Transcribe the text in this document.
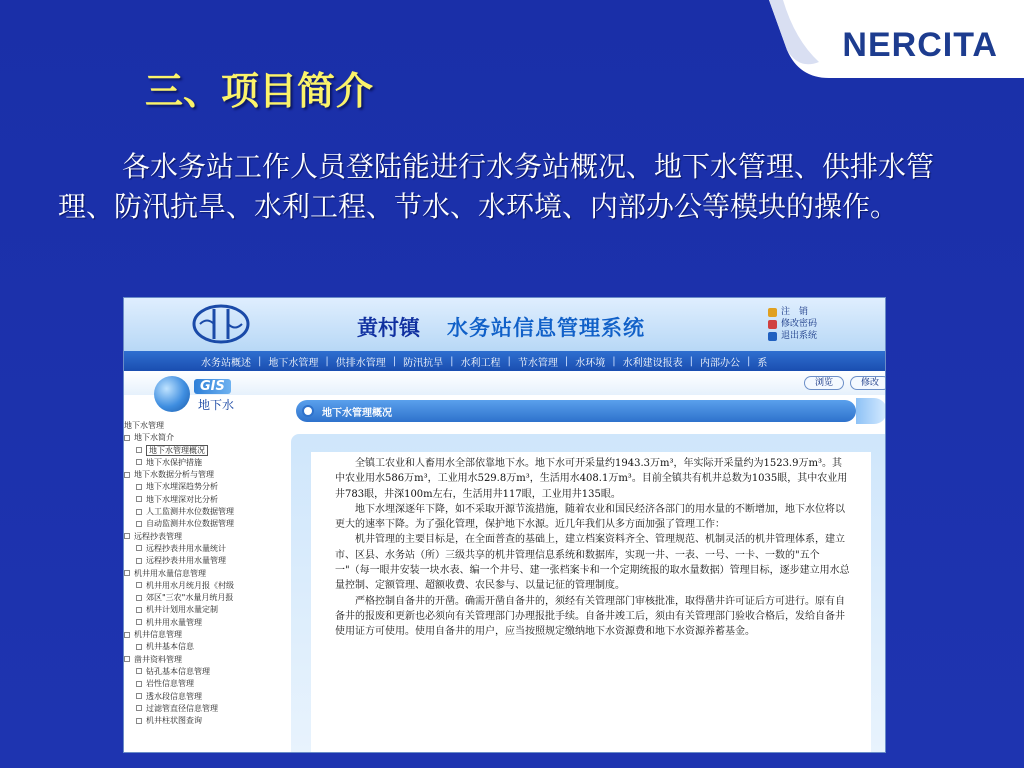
NERCITA
三、项目简介
各水务站工作人员登陆能进行水务站概况、地下水管理、供排水管理、防汛抗旱、水利工程、节水、水环境、内部办公等模块的操作。
黄村镇 水务站信息管理系统
注　销
修改密码
退出系统
水务站概述 | 地下水管理 | 供排水管理 | 防汛抗旱 | 水利工程 | 节水管理 | 水环境 | 水利建设报表 | 内部办公 | 系
浏览	修改
GIS
地下水
地下水管理
地下水简介
地下水管理概况
地下水保护措施
地下水数据分析与管理
地下水埋深趋势分析
地下水埋深对比分析
人工监测井水位数据管理
自动监测井水位数据管理
远程抄表管理
远程抄表井用水量统计
远程抄表井用水量管理
机井用水量信息管理
机井用水月统月报《村级
郊区"三农"水量月统月报
机井计划用水量定制
机井用水量管理
机井信息管理
机井基本信息
凿井资料管理
钻孔基本信息管理
岩性信息管理
透水段信息管理
过滤管直径信息管理
机井柱状图查询
地下水管理概况

全镇工农业和人畜用水全部依靠地下水。地下水可开采量约1943.3万m³，年实际开采量约为1523.9万m³。其中农业用水586万m³，工业用水529.8万m³，生活用水408.1万m³。目前全镇共有机井总数为1035眼，其中农业用井783眼，井深100m左右，生活用井117眼，工业用井135眼。

地下水埋深逐年下降，如不采取开源节流措施，随着农业和国民经济各部门的用水量的不断增加，地下水位将以更大的速率下降。为了强化管理，保护地下水源。近几年我们从多方面加强了管理工作：

机井管理的主要目标是，在全面普查的基础上，建立档案资料齐全、管理规范、机制灵活的机井管理体系，建立市、区县、水务站（所）三级共享的机井管理信息系统和数据库，实现一井、一表、一号、一卡、一数的"五个一"（每一眼井安装一块水表、编一个井号、建一张档案卡和一个定期统报的取水量数据）管理目标，逐步建立用水总量控制、定额管理、超额收费、农民参与、以量记征的管理制度。

严格控制自备井的开凿。确需开凿自备井的，须经有关管理部门审核批准，取得凿井许可证后方可进行。原有自备井的报废和更新也必须向有关管理部门办理报批手续。自备井竣工后，须由有关管理部门验收合格后，发给自备井使用证方可使用。使用自备井的用户，应当按照规定缴纳地下水资源费和地下水资源养蓄基金。
